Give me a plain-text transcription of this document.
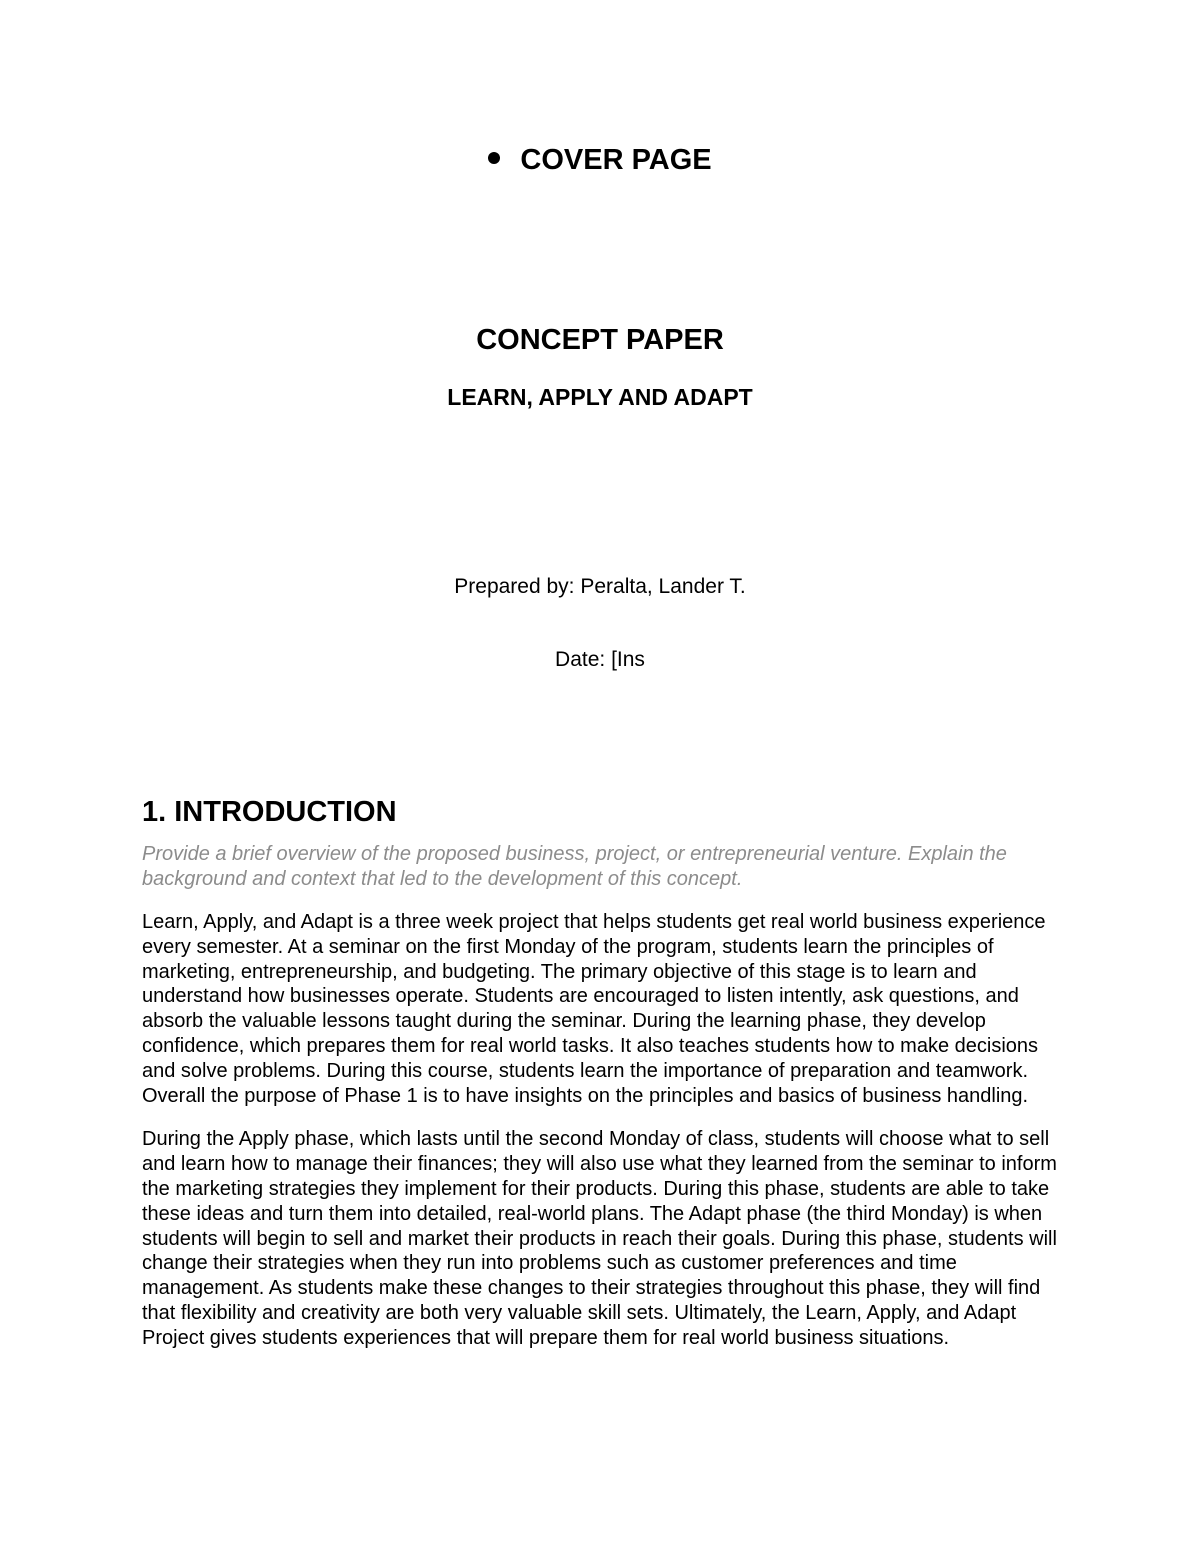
COVER PAGE
CONCEPT PAPER
LEARN, APPLY AND ADAPT
Prepared by: Peralta, Lander T.
Date: [Ins
1. INTRODUCTION

Provide a brief overview of the proposed business, project, or entrepreneurial venture. Explain the background and context that led to the development of this concept.

Learn, Apply, and Adapt is a three week project that helps students get real world business experience every semester. At a seminar on the first Monday of the program, students learn the principles of marketing, entrepreneurship, and budgeting. The primary objective of this stage is to learn and understand how businesses operate. Students are encouraged to listen intently, ask questions, and absorb the valuable lessons taught during the seminar. During the learning phase, they develop confidence, which prepares them for real world tasks. It also teaches students how to make decisions and solve problems. During this course, students learn the importance of preparation and teamwork. Overall the purpose of Phase 1 is to have insights on the principles and basics of business handling.

During the Apply phase, which lasts until the second Monday of class, students will choose what to sell and learn how to manage their finances; they will also use what they learned from the seminar to inform the marketing strategies they implement for their products. During this phase, students are able to take these ideas and turn them into detailed, real-world plans. The Adapt phase (the third Monday) is when students will begin to sell and market their products in reach their goals. During this phase, students will change their strategies when they run into problems such as customer preferences and time management. As students make these changes to their strategies throughout this phase, they will find that flexibility and creativity are both very valuable skill sets. Ultimately, the Learn, Apply, and Adapt Project gives students experiences that will prepare them for real world business situations.
